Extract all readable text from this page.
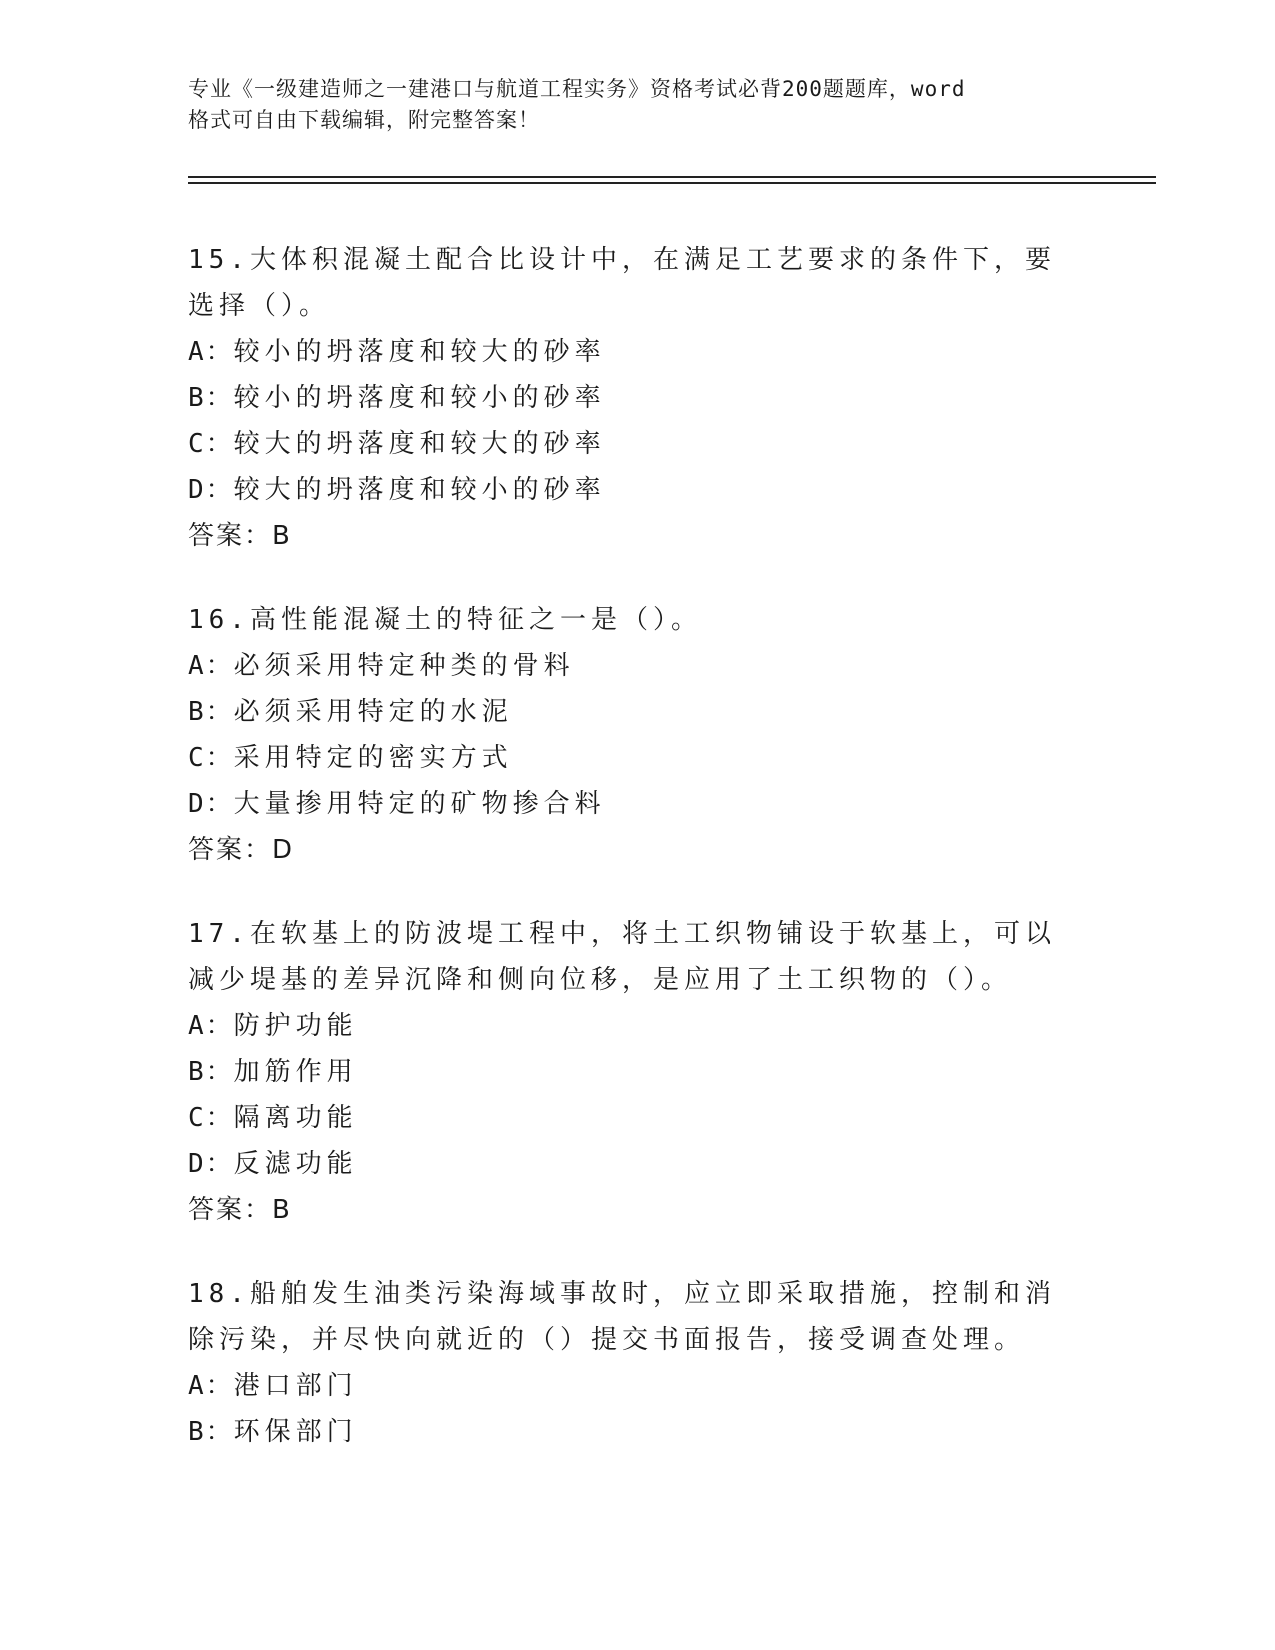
专业《一级建造师之一建港口与航道工程实务》资格考试必背200题题库，word
格式可自由下载编辑，附完整答案！
15.大体积混凝土配合比设计中，在满足工艺要求的条件下，要选择（）。
A：较小的坍落度和较大的砂率
B：较小的坍落度和较小的砂率
C：较大的坍落度和较大的砂率
D：较大的坍落度和较小的砂率
答案：B
16.高性能混凝土的特征之一是（）。
A：必须采用特定种类的骨料
B：必须采用特定的水泥
C：采用特定的密实方式
D：大量掺用特定的矿物掺合料
答案：D
17.在软基上的防波堤工程中，将土工织物铺设于软基上，可以减少堤基的差异沉降和侧向位移，是应用了土工织物的（）。
A：防护功能
B：加筋作用
C：隔离功能
D：反滤功能
答案：B
18.船舶发生油类污染海域事故时，应立即采取措施，控制和消除污染，并尽快向就近的（）提交书面报告，接受调查处理。
A：港口部门
B：环保部门
